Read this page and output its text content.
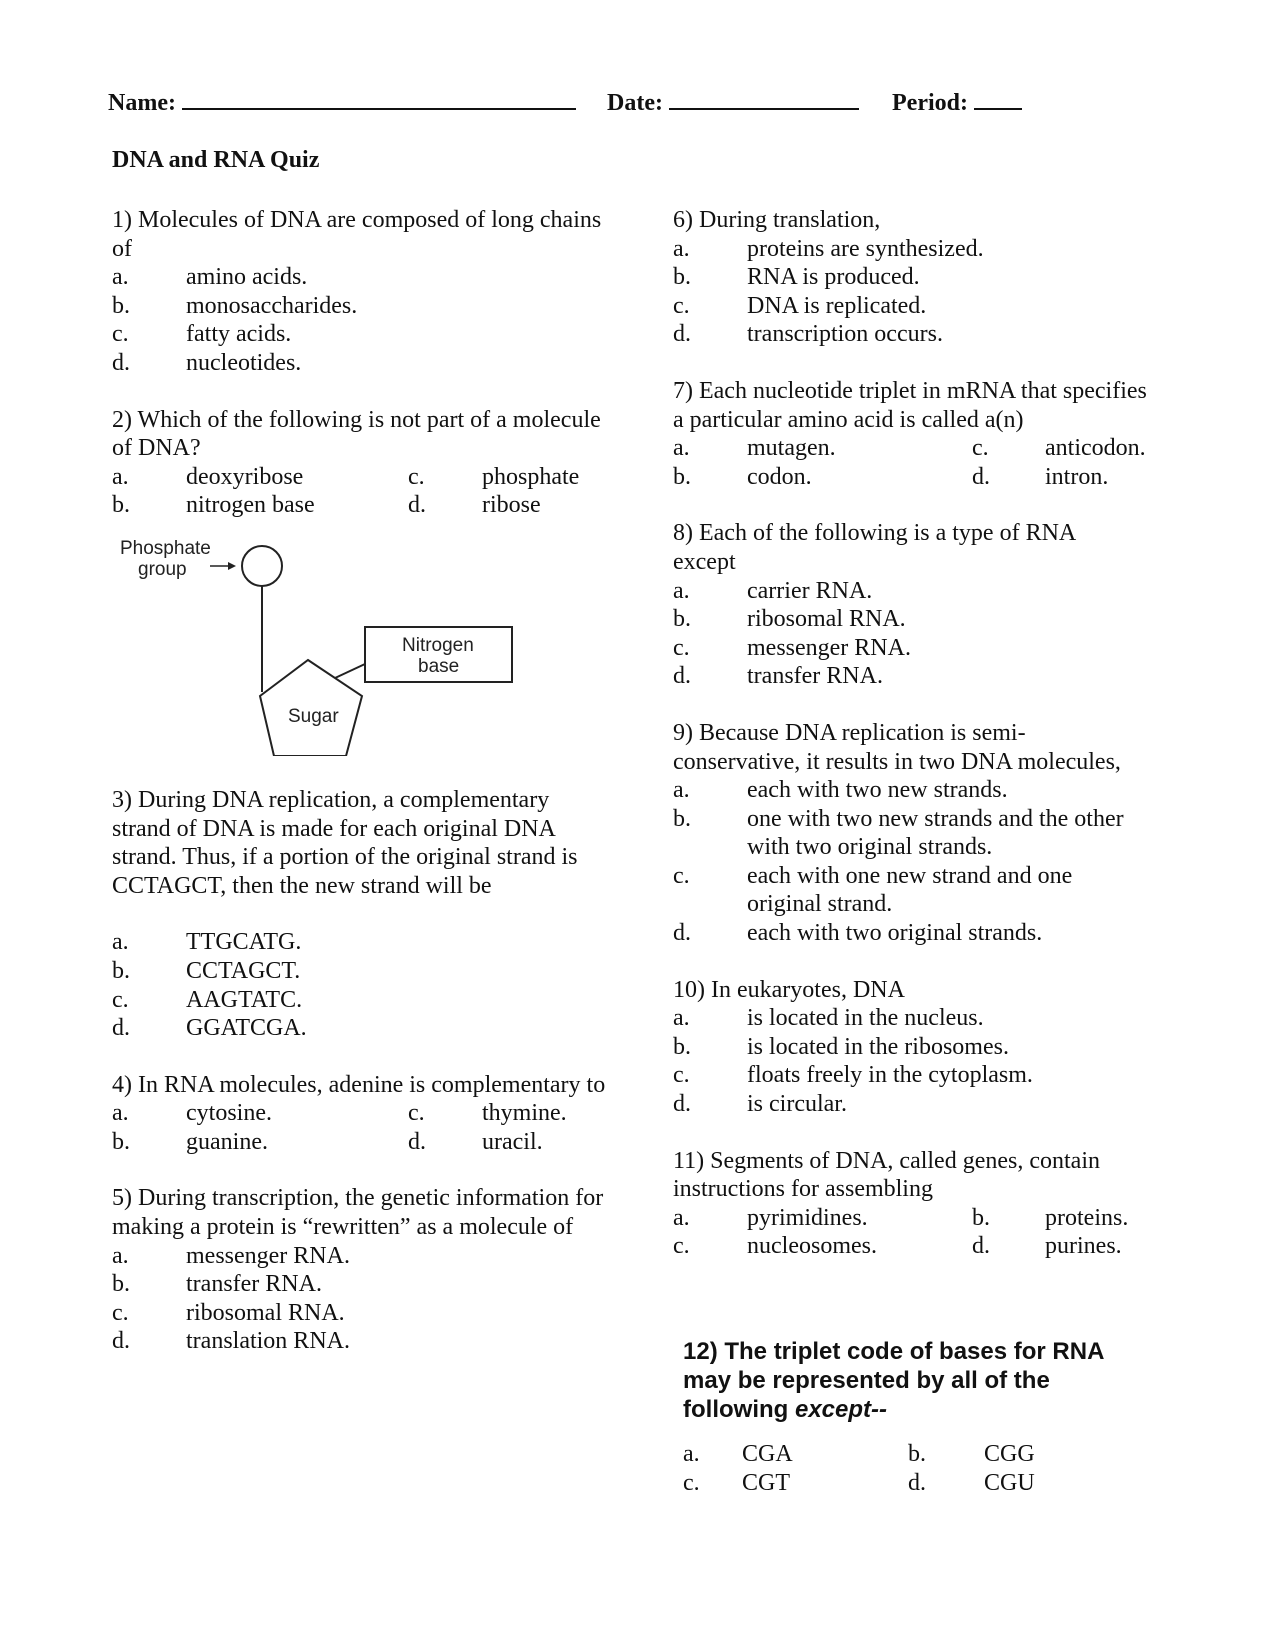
Name:	Date:	Period:
DNA and RNA Quiz
1) Molecules of DNA are composed of long chains of
a.	amino acids.
b.	monosaccharides.
c.	fatty acids.
d.	nucleotides.
2) Which of the following is not part of a molecule of DNA?
a.	deoxyribose	c.	phosphate
b.	nitrogen base	d.	ribose
Phosphate
group
Sugar
Nitrogen
base
3) During DNA replication, a complementary strand of DNA is made for each original DNA strand. Thus, if a portion of the original strand is CCTAGCT, then the new strand will be
a.	TTGCATG.
b.	CCTAGCT.
c.	AAGTATC.
d.	GGATCGA.
4) In RNA molecules, adenine is complementary to
a.	cytosine.	c.	thymine.
b.	guanine.	d.	uracil.
5) During transcription, the genetic information for making a protein is “rewritten” as a molecule of
a.	messenger RNA.
b.	transfer RNA.
c.	ribosomal RNA.
d.	translation RNA.
6) During translation,
a.	proteins are synthesized.
b.	RNA is produced.
c.	DNA is replicated.
d.	transcription occurs.
7) Each nucleotide triplet in mRNA that specifies a particular amino acid is called a(n)
a.	mutagen.	c.	anticodon.
b.	codon.	d.	intron.
8) Each of the following is a type of RNA except
a.	carrier RNA.
b.	ribosomal RNA.
c.	messenger RNA.
d.	transfer RNA.
9) Because DNA replication is semi-conservative, it results in two DNA molecules,
a.	each with two new strands.
b.	one with two new strands and the other with two original strands.
c.	each with one new strand and one original strand.
d.	each with two original strands.
10) In eukaryotes, DNA
a.	is located in the nucleus.
b.	is located in the ribosomes.
c.	floats freely in the cytoplasm.
d.	is circular.
11) Segments of DNA, called genes, contain instructions for assembling
a.	pyrimidines.	b.	proteins.
c.	nucleosomes.	d.	purines.
12) The triplet code of bases for RNA may be represented by all of the following except--
a.	CGA	b.	CGG
c.	CGT	d.	CGU
